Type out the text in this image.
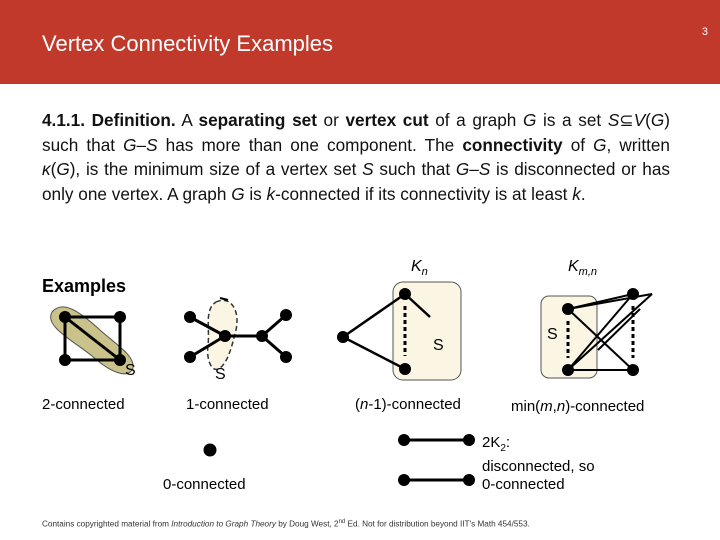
Vertex Connectivity Examples	3
4.1.1. Definition. A separating set or vertex cut of a graph G is a set S⊆V(G) such that G–S has more than one component. The connectivity of G, written κ(G), is the minimum size of a vertex set S such that G–S is disconnected or has only one vertex. A graph G is k-connected if its connectivity is at least k.
Examples
S	S
S
S
$K_n$	$K_{m,n}$
2-connected	1-connected	(n-1)-connected	min(m,n)-connected
0-connected
$2K_2$:
disconnected, so
0-connected
Contains copyrighted material from Introduction to Graph Theory by Doug West, 2nd Ed. Not for distribution beyond IIT's Math 454/553.
